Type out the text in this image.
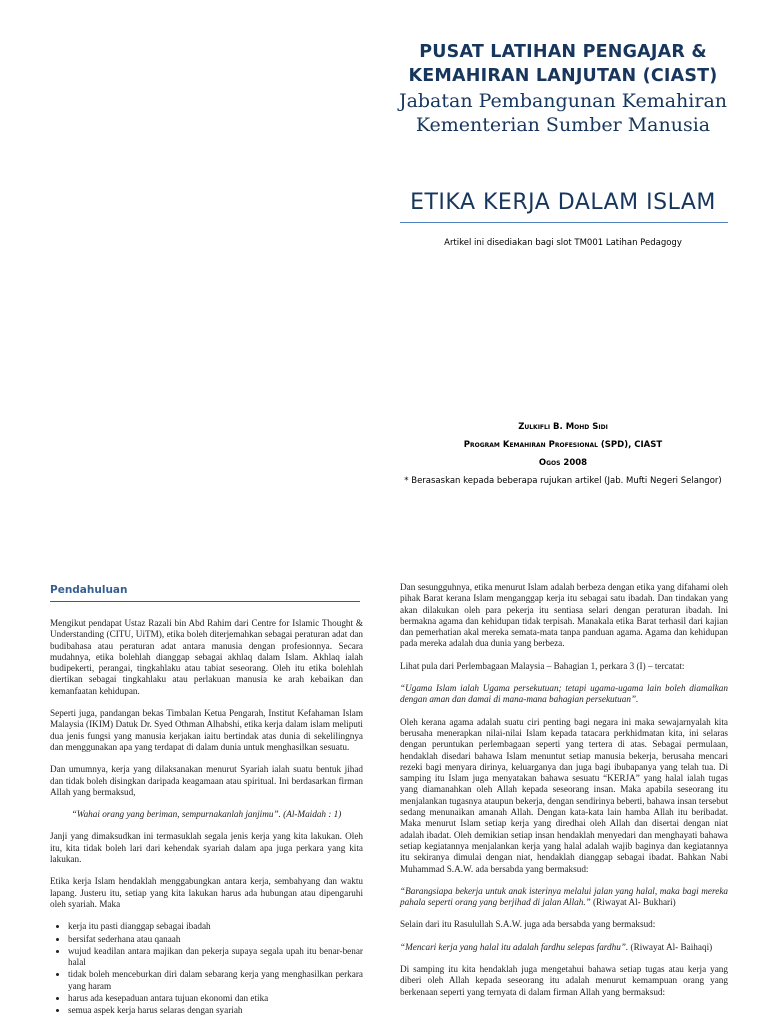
PUSAT LATIHAN PENGAJAR &
KEMAHIRAN LANJUTAN (CIAST)
Jabatan Pembangunan Kemahiran
Kementerian Sumber Manusia
ETIKA KERJA DALAM ISLAM
Artikel ini disediakan bagi slot TM001 Latihan Pedagogy
Zulkifli B. Mohd Sidi
Program Kemahiran Profesional (SPD), CIAST
Ogos 2008
* Berasaskan kepada beberapa rujukan artikel (Jab. Mufti Negeri Selangor)
Pendahuluan

Mengikut pendapat Ustaz Razali bin Abd Rahim dari Centre for Islamic Thought & Understanding (CITU, UiTM), etika boleh diterjemahkan sebagai peraturan adat dan budibahasa atau peraturan adat antara manusia dengan profesionnya. Secara mudahnya, etika bolehlah dianggap sebagai akhlaq dalam Islam. Akhlaq ialah budipekerti, perangai, tingkahlaku atau tabiat seseorang. Oleh itu etika bolehlah diertikan sebagai tingkahlaku atau perlakuan manusia ke arah kebaikan dan kemanfaatan kehidupan.

Seperti juga, pandangan bekas Timbalan Ketua Pengarah, Institut Kefahaman Islam Malaysia (IKIM) Datuk Dr. Syed Othman Alhabshi, etika kerja dalam islam meliputi dua jenis fungsi yang manusia kerjakan iaitu bertindak atas dunia di sekelilingnya dan menggunakan apa yang terdapat di dalam dunia untuk menghasilkan sesuatu.

Dan umumnya, kerja yang dilaksanakan menurut Syariah ialah suatu bentuk jihad dan tidak boleh disingkan daripada keagamaan atau spiritual. Ini berdasarkan firman Allah yang bermaksud,

“Wahai orang yang beriman, sempurnakanlah janjimu”. (Al-Maidah : 1)

Janji yang dimaksudkan ini termasuklah segala jenis kerja yang kita lakukan. Oleh itu, kita tidak boleh lari dari kehendak syariah dalam apa juga perkara yang kita lakukan.

Etika kerja Islam hendaklah menggabungkan antara kerja, sembahyang dan waktu lapang. Justeru itu, setiap yang kita lakukan harus ada hubungan atau dipengaruhi oleh syariah. Maka

• kerja itu pasti dianggap sebagai ibadah
• bersifat sederhana atau qanaah
• wujud keadilan antara majikan dan pekerja supaya segala upah itu benar-benar halal
• tidak boleh menceburkan diri dalam sebarang kerja yang menghasilkan perkara yang haram
• harus ada kesepaduan antara tujuan ekonomi dan etika
• semua aspek kerja harus selaras dengan syariah

Dan sesungguhnya, etika menurut Islam adalah berbeza dengan etika yang difahami oleh pihak Barat kerana Islam menganggap kerja itu sebagai satu ibadah. Dan tindakan yang akan dilakukan oleh para pekerja itu sentiasa selari dengan peraturan ibadah. Ini bermakna agama dan kehidupan tidak terpisah. Manakala etika Barat terhasil dari kajian dan pemerhatian akal mereka semata-mata tanpa panduan agama. Agama dan kehidupan pada mereka adalah dua dunia yang berbeza.

Lihat pula dari Perlembagaan Malaysia – Bahagian 1, perkara 3 (I) – tercatat:

“Ugama Islam ialah Ugama persekutuan; tetapi ugama-ugama lain boleh diamalkan dengan aman dan damai di mana-mana bahagian persekutuan”.

Oleh kerana agama adalah suatu ciri penting bagi negara ini maka sewajarnyalah kita berusaha menerapkan nilai-nilai Islam kepada tatacara perkhidmatan kita, ini selaras dengan peruntukan perlembagaan seperti yang tertera di atas. Sebagai permulaan, hendaklah disedari bahawa Islam menuntut setiap manusia bekerja, berusaha mencari rezeki bagi menyara dirinya, keluarganya dan juga bagi ibubapanya yang telah tua. Di samping itu Islam juga menyatakan bahawa sesuatu “KERJA” yang halal ialah tugas yang diamanahkan oleh Allah kepada seseorang insan. Maka apabila seseorang itu menjalankan tugasnya ataupun bekerja, dengan sendirinya beberti, bahawa insan tersebut sedang menunaikan amanah Allah. Dengan kata-kata lain hamba Allah itu beribadat. Maka menurut Islam setiap kerja yang diredhai oleh Allah dan disertai dengan niat adalah ibadat. Oleh demikian setiap insan hendaklah menyedari dan menghayati bahawa setiap kegiatannya menjalankan kerja yang halal adalah wajib baginya dan kegiatannya itu sekiranya dimulai dengan niat, hendaklah dianggap sebagai ibadat. Bahkan Nabi Muhammad S.A.W. ada bersabda yang bermaksud:

“Barangsiapa bekerja untuk anak isterinya melalui jalan yang halal, maka bagi mereka pahala seperti orang yang berjihad di jalan Allah.” (Riwayat Al- Bukhari)

Selain dari itu Rasulullah S.A.W. juga ada bersabda yang bermaksud:

“Mencari kerja yang halal itu adalah fardhu selepas fardhu”. (Riwayat Al- Baihaqi)

Di samping itu kita hendaklah juga mengetahui bahawa setiap tugas atau kerja yang diberi oleh Allah kepada seseorang itu adalah menurut kemampuan orang yang berkenaan seperti yang ternyata di dalam firman Allah yang bermaksud:
